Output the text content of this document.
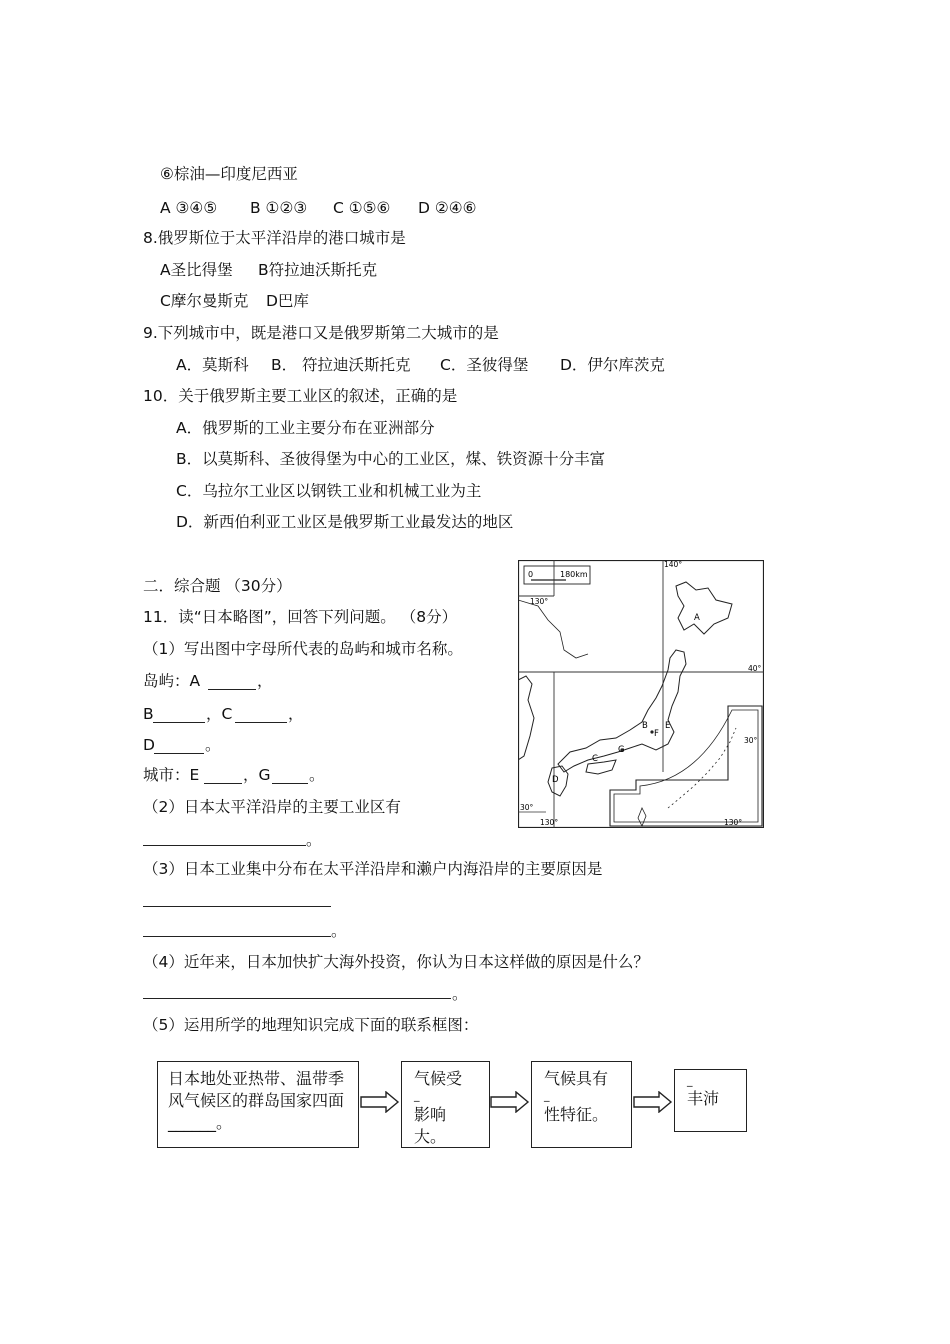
⑥棕油—印度尼西亚
A ③④⑤ B ①②③ C ①⑤⑥ D ②④⑥
8.俄罗斯位于太平洋沿岸的港口城市是
A圣比得堡 B符拉迪沃斯托克
C摩尔曼斯克 D巴库
9.下列城市中，既是港口又是俄罗斯第二大城市的是
A．莫斯科 B． 符拉迪沃斯托克 C．圣彼得堡 D．伊尔库茨克
10．关于俄罗斯主要工业区的叙述，正确的是
A．俄罗斯的工业主要分布在亚洲部分
B．以莫斯科、圣彼得堡为中心的工业区，煤、铁资源十分丰富
C．乌拉尔工业区以钢铁工业和机械工业为主
D．新西伯利亚工业区是俄罗斯工业最发达的地区
二．综合题 （30分）
11．读“日本略图”，回答下列问题。 （8分）
（1）写出图中字母所代表的岛屿和城市名称。
岛屿：A	，
B	，C	，
D	。
城市：E	，G 。
（2）日本太平洋沿岸的主要工业区有
。
（3）日本工业集中分布在太平洋沿岸和濑户内海沿岸的主要原因是
。
（4）近年来，日本加快扩大海外投资，你认为日本这样做的原因是什么？
。
（5）运用所学的地理知识完成下面的联系框图：
日本地处亚热带、温带季风气候区的群岛国家四面______。
气候受
_
影响大。
气候具有
_
性特征。
_
丰沛
0	180km
130°
140°
40°
30°
30°
130°	130°
A
B E
F
G
C
D
